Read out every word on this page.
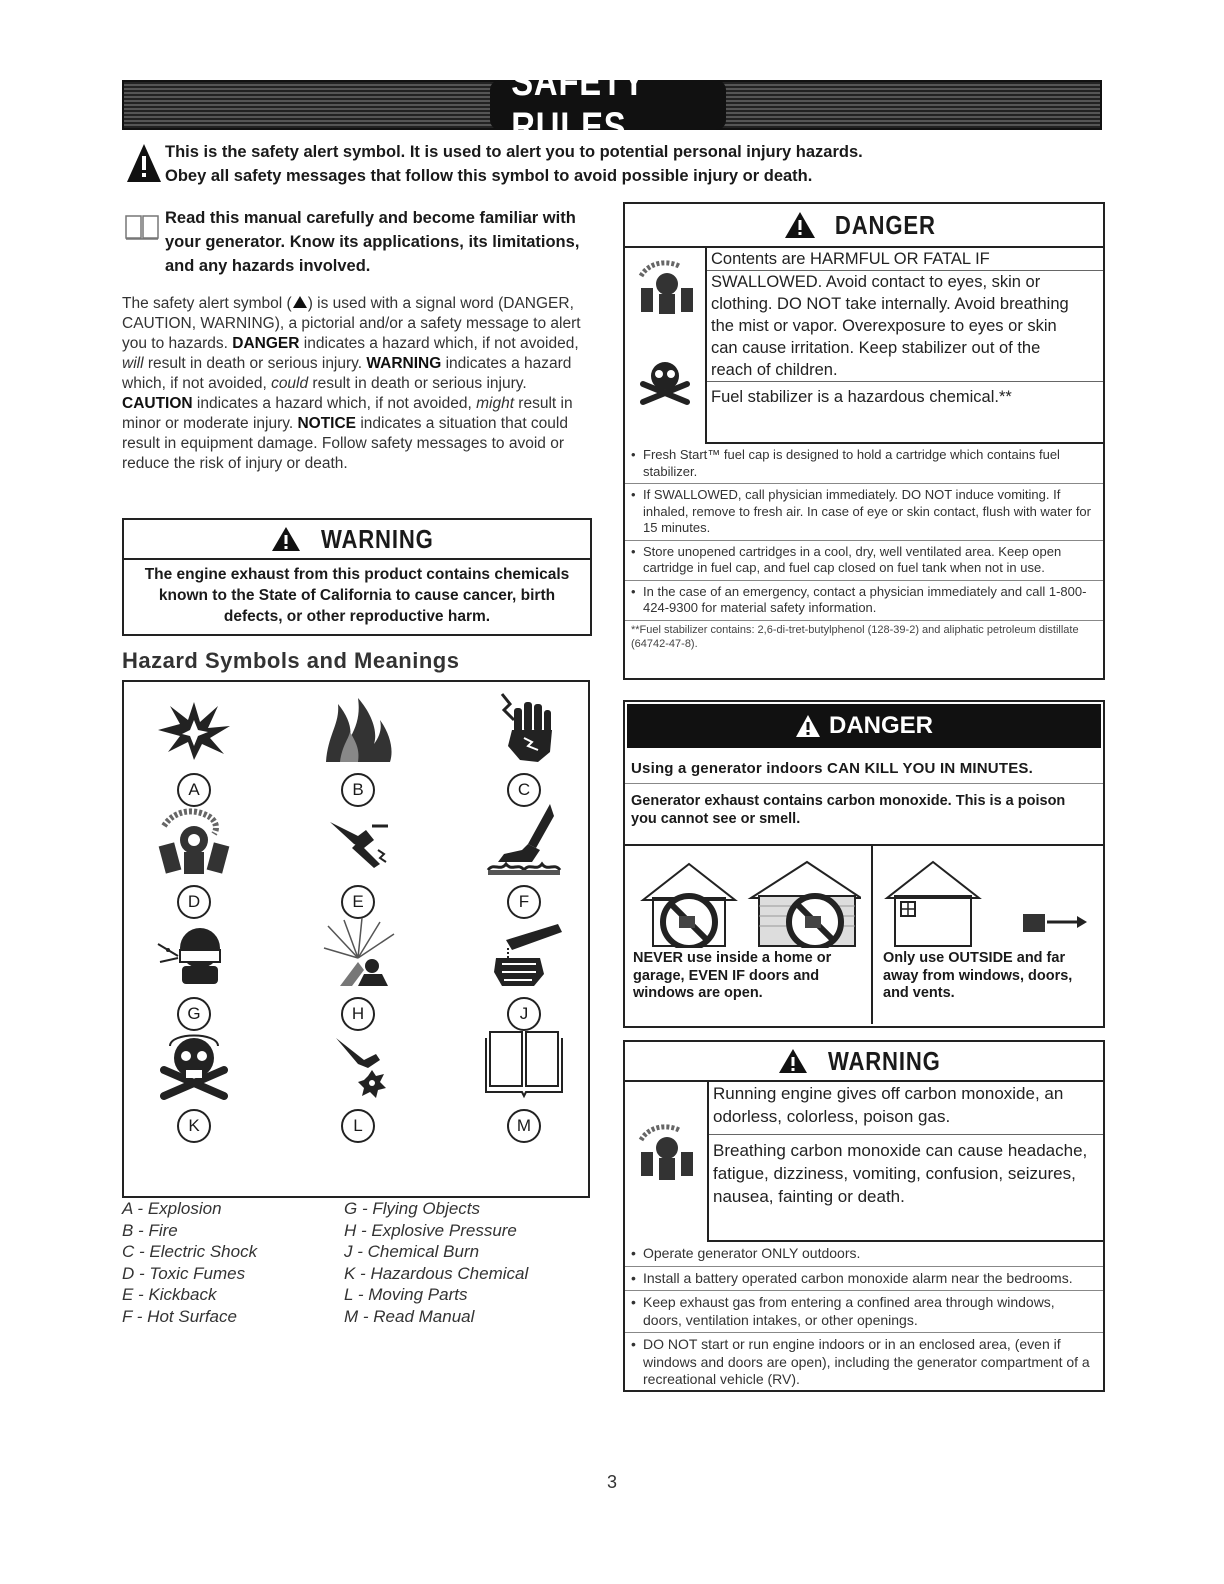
SAFETY RULES
This is the safety alert symbol. It is used to alert you to potential personal injury hazards.
Obey all safety messages that follow this symbol to avoid possible injury or death.
Read this manual carefully and become familiar with your generator. Know its applications, its limitations, and any hazards involved.
The safety alert symbol ( ) is used with a signal word (DANGER, CAUTION, WARNING), a pictorial and/or a safety message to alert you to hazards. DANGER indicates a hazard which, if not avoided, will result in death or serious injury. WARNING indicates a hazard which, if not avoided, could result in death or serious injury. CAUTION indicates a hazard which, if not avoided, might result in minor or moderate injury. NOTICE indicates a situation that could result in equipment damage. Follow safety messages to avoid or reduce the risk of injury or death.
WARNING
The engine exhaust from this product contains chemicals known to the State of California to cause cancer, birth defects, or other reproductive harm.
Hazard Symbols and Meanings
A	B	C
D	E	F
G	H	J
K	L	M
A - Explosion
B - Fire
C - Electric Shock
D - Toxic Fumes
E - Kickback
F - Hot Surface
G - Flying Objects
H - Explosive Pressure
J - Chemical Burn
K - Hazardous Chemical
L - Moving Parts
M - Read Manual
DANGER
Contents are HARMFUL OR FATAL IF
SWALLOWED. Avoid contact to eyes, skin or
clothing. DO NOT take internally. Avoid breathing
the mist or vapor. Overexposure to eyes or skin
can cause irritation. Keep stabilizer out of the
reach of children.
Fuel stabilizer is a hazardous chemical.**
• Fresh Start™ fuel cap is designed to hold a cartridge which contains fuel stabilizer.
• If SWALLOWED, call physician immediately. DO NOT induce vomiting. If inhaled, remove to fresh air. In case of eye or skin contact, flush with water for 15 minutes.
• Store unopened cartridges in a cool, dry, well ventilated area. Keep open cartridge in fuel cap, and fuel cap closed on fuel tank when not in use.
• In the case of an emergency, contact a physician immediately and call 1-800-424-9300 for material safety information.
**Fuel stabilizer contains: 2,6-di-tret-butylphenol (128-39-2) and aliphatic petroleum distillate (64742-47-8).
DANGER
Using a generator indoors CAN KILL YOU IN MINUTES.
Generator exhaust contains carbon monoxide. This is a poison you cannot see or smell.
NEVER use inside a home or garage, EVEN IF doors and windows are open.
Only use OUTSIDE and far away from windows, doors, and vents.
WARNING
Running engine gives off carbon monoxide, an
odorless, colorless, poison gas.
Breathing carbon monoxide can cause headache,
fatigue, dizziness, vomiting, confusion, seizures,
nausea, fainting or death.
• Operate generator ONLY outdoors.
• Install a battery operated carbon monoxide alarm near the bedrooms.
• Keep exhaust gas from entering a confined area through windows, doors, ventilation intakes, or other openings.
• DO NOT start or run engine indoors or in an enclosed area, (even if windows and doors are open), including the generator compartment of a recreational vehicle (RV).
3
